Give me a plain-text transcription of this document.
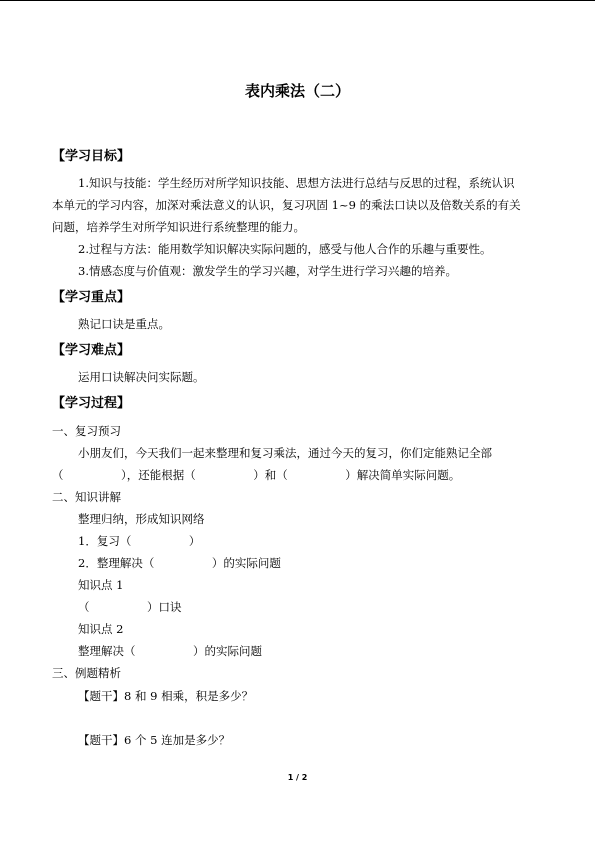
表内乘法（二）
【学习目标】
1.知识与技能：学生经历对所学知识技能、思想方法进行总结与反思的过程，系统认识
本单元的学习内容，加深对乘法意义的认识，复习巩固 1~9 的乘法口诀以及倍数关系的有关
问题，培养学生对所学知识进行系统整理的能力。
2.过程与方法：能用数学知识解决实际问题的，感受与他人合作的乐趣与重要性。
3.情感态度与价值观：激发学生的学习兴趣，对学生进行学习兴趣的培养。
【学习重点】
熟记口诀是重点。
【学习难点】
运用口诀解决问实际题。
【学习过程】
一、复习预习
小朋友们，今天我们一起来整理和复习乘法，通过今天的复习，你们定能熟记全部
（　　　　　），还能根据（　　　　　）和（　　　　　）解决简单实际问题。
二、知识讲解
整理归纳，形成知识网络
1．复习（　　　　　）
2．整理解决（　　　　　）的实际问题
知识点 1
（　　　　　）口诀
知识点 2
整理解决（　　　　　）的实际问题
三、例题精析
【题干】8 和 9 相乘，积是多少？
【题干】6 个 5 连加是多少？
1 / 2
